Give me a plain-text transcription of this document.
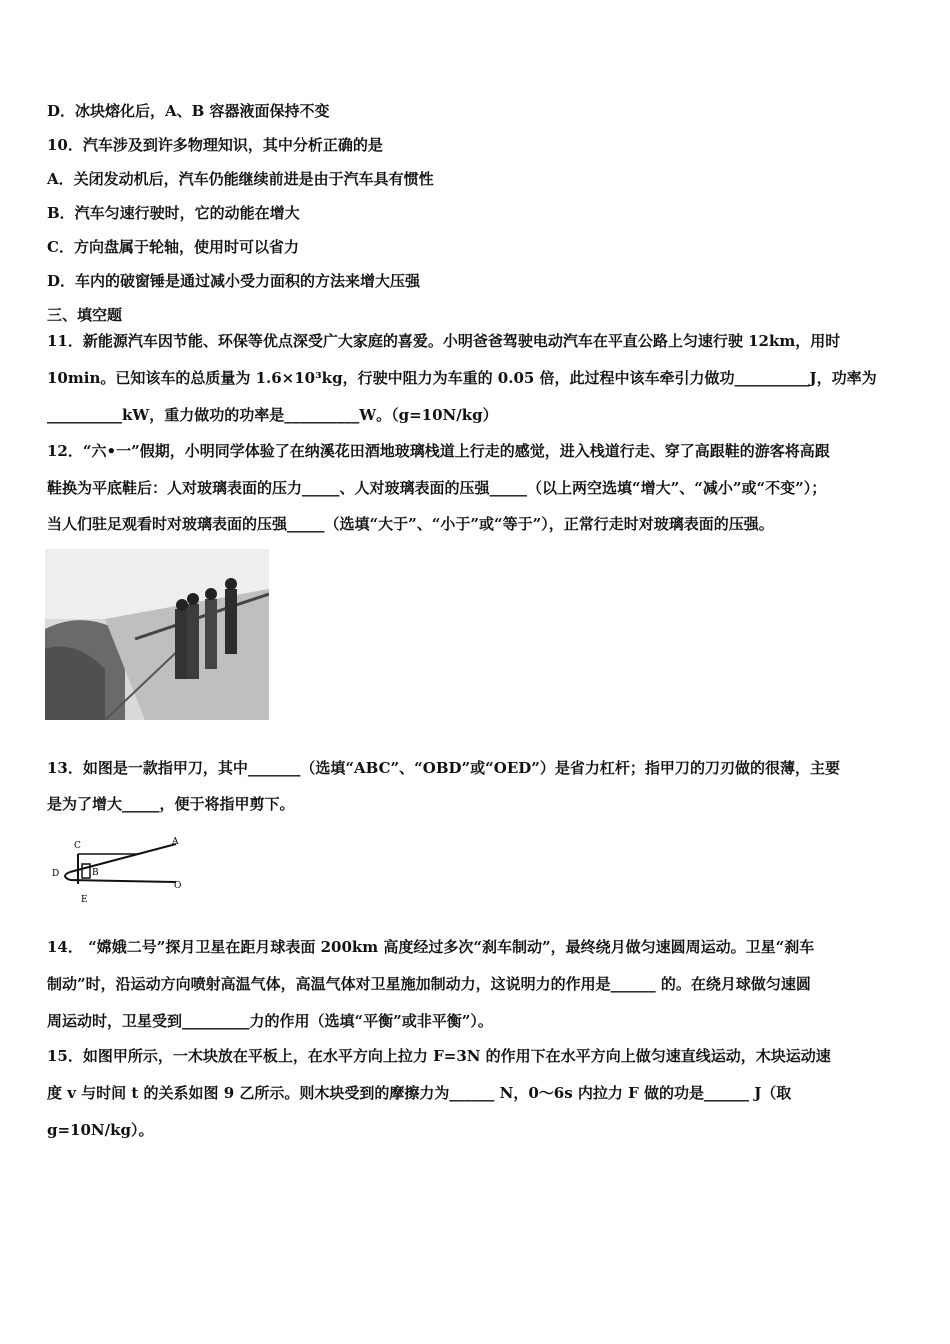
D．冰块熔化后，A、B 容器液面保持不变
10．汽车涉及到许多物理知识，其中分析正确的是
A．关闭发动机后，汽车仍能继续前进是由于汽车具有惯性
B．汽车匀速行驶时，它的动能在增大
C．方向盘属于轮轴，使用时可以省力
D．车内的破窗锤是通过减小受力面积的方法来增大压强
三、填空题
11．新能源汽车因节能、环保等优点深受广大家庭的喜爱。小明爸爸驾驶电动汽车在平直公路上匀速行驶 12km，用时
10min。已知该车的总质量为 1.6×10³kg，行驶中阻力为车重的 0.05 倍，此过程中该车牵引力做功__________J，功率为
__________kW，重力做功的功率是__________W。（g=10N/kg）
12．“六•一”假期，小明同学体验了在纳溪花田酒地玻璃栈道上行走的感觉，进入栈道行走、穿了高跟鞋的游客将高跟
鞋换为平底鞋后：人对玻璃表面的压力_____、人对玻璃表面的压强_____（以上两空选填“增大”、“减小”或“不变”）；
当人们驻足观看时对玻璃表面的压强_____（选填“大于”、“小于”或“等于”），正常行走时对玻璃表面的压强。
13．如图是一款指甲刀，其中_______（选填“ABC”、“OBD”或“OED”）是省力杠杆；指甲刀的刀刃做的很薄，主要
是为了增大_____，便于将指甲剪下。
A
B
C
D
E
O
14． “嫦娥二号”探月卫星在距月球表面 200km 高度经过多次“刹车制动”，最终绕月做匀速圆周运动。卫星“刹车
制动”时，沿运动方向喷射高温气体，高温气体对卫星施加制动力，这说明力的作用是______ 的。在绕月球做匀速圆
周运动时，卫星受到_________力的作用（选填“平衡”或非平衡”）。
15．如图甲所示，一木块放在平板上，在水平方向上拉力 F=3N 的作用下在水平方向上做匀速直线运动，木块运动速
度 v 与时间 t 的关系如图 9 乙所示。则木块受到的摩擦力为______ N，0～6s 内拉力 F 做的功是______ J（取
g=10N/kg）。
